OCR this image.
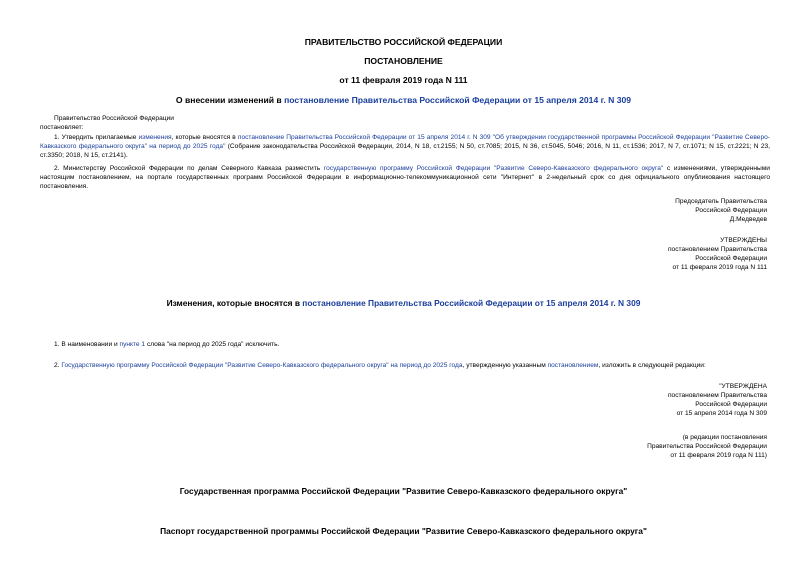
ПРАВИТЕЛЬСТВО РОССИЙСКОЙ ФЕДЕРАЦИИ
ПОСТАНОВЛЕНИЕ
от 11 февраля 2019 года N 111
О внесении изменений в постановление Правительства Российской Федерации от 15 апреля 2014 г. N 309
Правительство Российской Федерации
постановляет:
1. Утвердить прилагаемые изменения, которые вносятся в постановление Правительства Российской Федерации от 15 апреля 2014 г. N 309 "Об утверждении государственной программы Российской Федерации "Развитие Северо-Кавказского федерального округа" на период до 2025 года" (Собрание законодательства Российской Федерации, 2014, N 18, ст.2155; N 50, ст.7085; 2015, N 36, ст.5045, 5046; 2016, N 11, ст.1536; 2017, N 7, ст.1071; N 15, ст.2221; N 23, ст.3350; 2018, N 15, ст.2141).
2. Министерству Российской Федерации по делам Северного Кавказа разместить государственную программу Российской Федерации "Развитие Северо-Кавказского федерального округа" с изменениями, утвержденными настоящим постановлением, на портале государственных программ Российской Федерации в информационно-телекоммуникационной сети "Интернет" в 2-недельный срок со дня официального опубликования настоящего постановления.
Председатель Правительства
Российской Федерации
Д.Медведев
УТВЕРЖДЕНЫ
постановлением Правительства
Российской Федерации
от 11 февраля 2019 года N 111
Изменения, которые вносятся в постановление Правительства Российской Федерации от 15 апреля 2014 г. N 309
1. В наименовании и пункте 1 слова "на период до 2025 года" исключить.
2. Государственную программу Российской Федерации "Развитие Северо-Кавказского федерального округа" на период до 2025 года, утвержденную указанным постановлением, изложить в следующей редакции:
"УТВЕРЖДЕНА
постановлением Правительства
Российской Федерации
от 15 апреля 2014 года N 309
(в редакции постановления
Правительства Российской Федерации
от 11 февраля 2019 года N 111)
Государственная программа Российской Федерации "Развитие Северо-Кавказского федерального округа"
Паспорт государственной программы Российской Федерации "Развитие Северо-Кавказского федерального округа"
